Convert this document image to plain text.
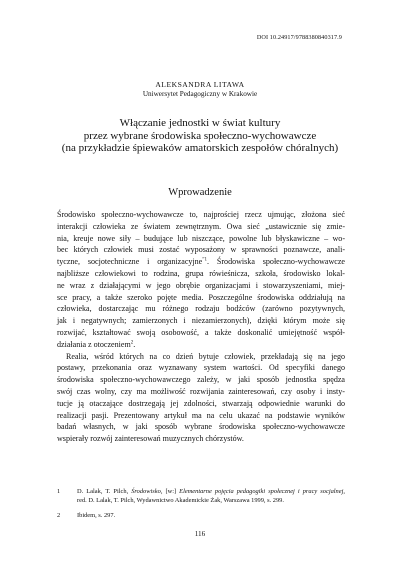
DOI 10.24917/9788380840317.9
ALEKSANDRA LITAWA
Uniwersytet Pedagogiczny w Krakowie
Włączanie jednostki w świat kultury
przez wybrane środowiska społeczno-wychowawcze
(na przykładzie śpiewaków amatorskich zespołów chóralnych)
Wprowadzenie

Środowisko społeczno-wychowawcze to, najprościej rzecz ujmując, złożona sieć
interakcji człowieka ze światem zewnętrznym. Owa sieć „ustawicznie się zmie-
nia, kreuje nowe siły – budujące lub niszczące, powolne lub błyskawiczne – wo-
bec których człowiek musi zostać wyposażony w sprawności poznawcze, anali-
tyczne, socjotechniczne i organizacyjne$^{”1}$. Środowiska społeczno-wychowawcze
najbliższe człowiekowi to rodzina, grupa rówieśnicza, szkoła, środowisko lokal-
ne wraz z działającymi w jego obrębie organizacjami i stowarzyszeniami, miej-
sce pracy, a także szeroko pojęte media. Poszczególne środowiska oddziałują na
człowieka, dostarczając mu różnego rodzaju bodźców (zarówno pozytywnych,
jak i negatywnych; zamierzonych i niezamierzonych), dzięki którym może się
rozwijać, kształtować swoją osobowość, a także doskonalić umiejętność współ-
działania z otoczeniem$^2$.

Realia, wśród których na co dzień bytuje człowiek, przekładają się na jego
postawy, przekonania oraz wyznawany system wartości. Od specyfiki danego
środowiska społeczno-wychowawczego zależy, w jaki sposób jednostka spędza
swój czas wolny, czy ma możliwość rozwijania zainteresowań, czy osoby i insty-
tucje ją otaczające dostrzegają jej zdolności, stwarzają odpowiednie warunki do
realizacji pasji. Prezentowany artykuł ma na celu ukazać na podstawie wyników
badań własnych, w jaki sposób wybrane środowiska społeczno-wychowawcze
wspierały rozwój zainteresowań muzycznych chórzystów.

1	D. Lalak, T. Pilch, Środowisko, [w:] Elementarne pojęcia pedagogiki społecznej i pracy socjalnej,
red. D. Lalak, T. Pilch, Wydawnictwo Akademickie Żak, Warszawa 1999, s. 299.
2	Ibidem, s. 297.
116
